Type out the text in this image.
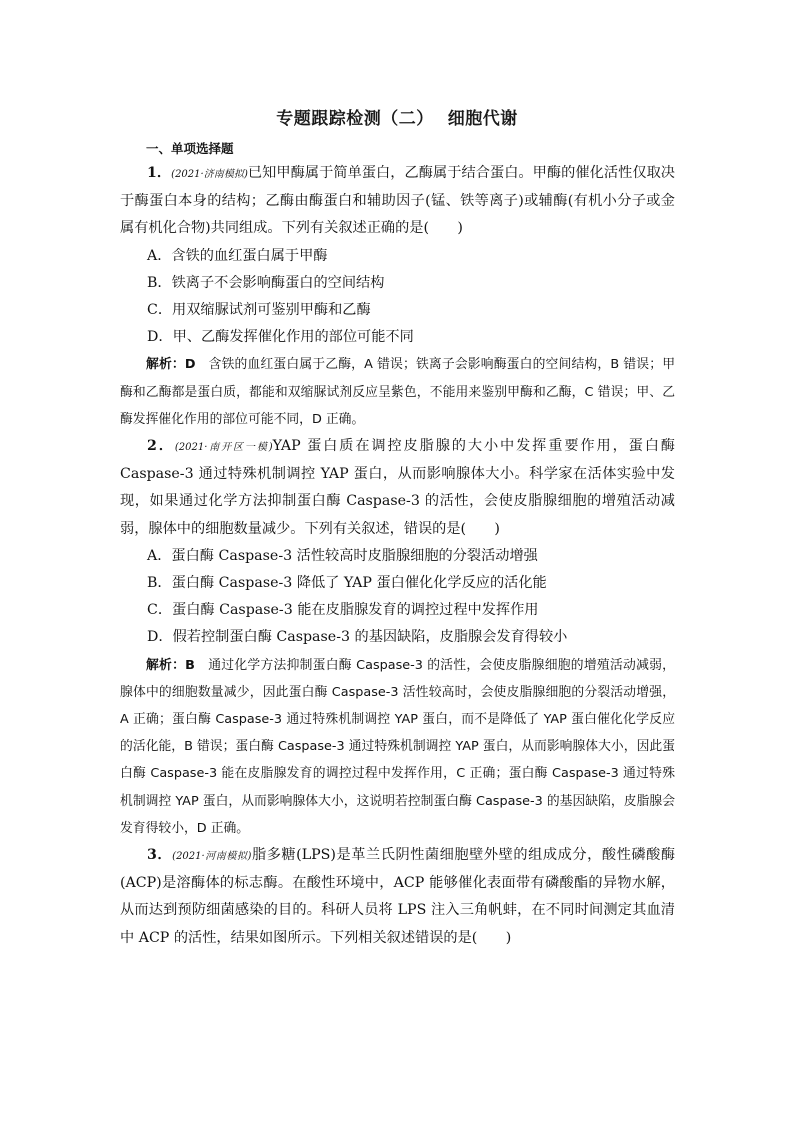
专题跟踪检测（二） 细胞代谢
一、单项选择题

1．(2021·济南模拟)已知甲酶属于简单蛋白，乙酶属于结合蛋白。甲酶的催化活性仅取决于酶蛋白本身的结构；乙酶由酶蛋白和辅助因子(锰、铁等离子)或辅酶(有机小分子或金属有机化合物)共同组成。下列有关叙述正确的是(　　)

A．含铁的血红蛋白属于甲酶

B．铁离子不会影响酶蛋白的空间结构

C．用双缩脲试剂可鉴别甲酶和乙酶

D．甲、乙酶发挥催化作用的部位可能不同

解析：D　含铁的血红蛋白属于乙酶，A 错误；铁离子会影响酶蛋白的空间结构，B 错误；甲酶和乙酶都是蛋白质，都能和双缩脲试剂反应呈紫色，不能用来鉴别甲酶和乙酶，C 错误；甲、乙酶发挥催化作用的部位可能不同，D 正确。

2．(2021·南开区一模)YAP 蛋白质在调控皮脂腺的大小中发挥重要作用，蛋白酶 Caspase-3 通过特殊机制调控 YAP 蛋白，从而影响腺体大小。科学家在活体实验中发现，如果通过化学方法抑制蛋白酶 Caspase-3 的活性，会使皮脂腺细胞的增殖活动减弱，腺体中的细胞数量减少。下列有关叙述，错误的是(　　)

A．蛋白酶 Caspase-3 活性较高时皮脂腺细胞的分裂活动增强

B．蛋白酶 Caspase-3 降低了 YAP 蛋白催化化学反应的活化能

C．蛋白酶 Caspase-3 能在皮脂腺发育的调控过程中发挥作用

D．假若控制蛋白酶 Caspase-3 的基因缺陷，皮脂腺会发育得较小

解析：B　通过化学方法抑制蛋白酶 Caspase-3 的活性，会使皮脂腺细胞的增殖活动减弱，腺体中的细胞数量减少，因此蛋白酶 Caspase-3 活性较高时，会使皮脂腺细胞的分裂活动增强，A 正确；蛋白酶 Caspase-3 通过特殊机制调控 YAP 蛋白，而不是降低了 YAP 蛋白催化化学反应的活化能，B 错误；蛋白酶 Caspase-3 通过特殊机制调控 YAP 蛋白，从而影响腺体大小，因此蛋白酶 Caspase-3 能在皮脂腺发育的调控过程中发挥作用，C 正确；蛋白酶 Caspase-3 通过特殊机制调控 YAP 蛋白，从而影响腺体大小，这说明若控制蛋白酶 Caspase-3 的基因缺陷，皮脂腺会发育得较小，D 正确。

3．(2021·河南模拟)脂多糖(LPS)是革兰氏阴性菌细胞壁外壁的组成成分，酸性磷酸酶(ACP)是溶酶体的标志酶。在酸性环境中，ACP 能够催化表面带有磷酸酯的异物水解，从而达到预防细菌感染的目的。科研人员将 LPS 注入三角帆蚌，在不同时间测定其血清中 ACP 的活性，结果如图所示。下列相关叙述错误的是(　　)
